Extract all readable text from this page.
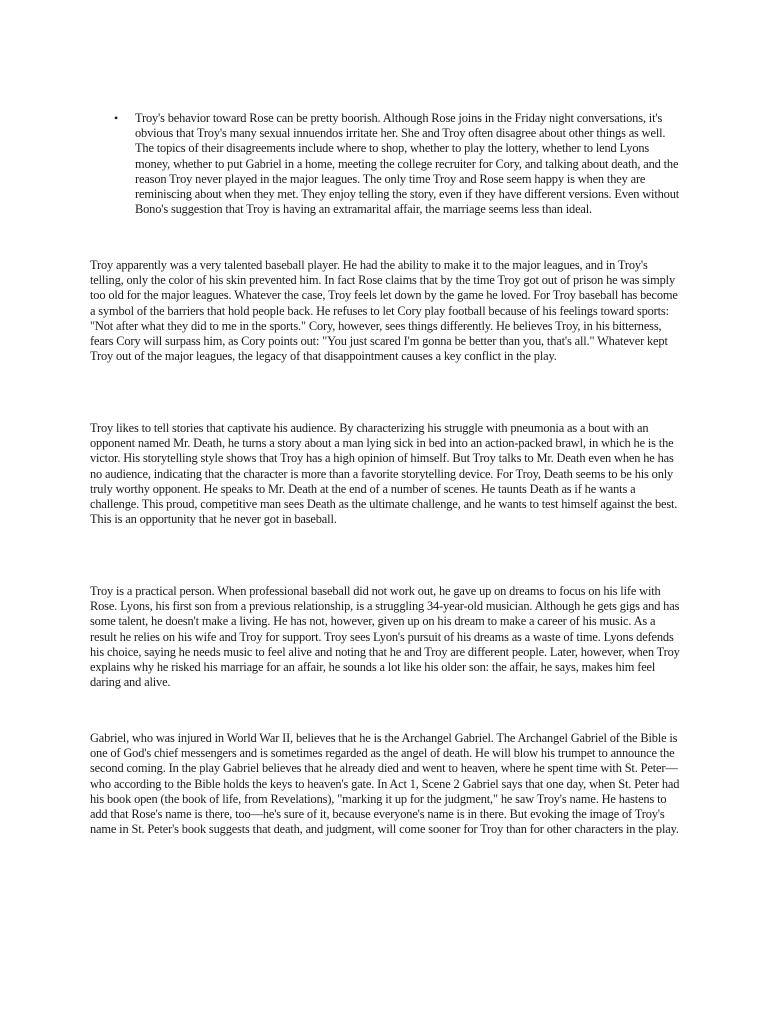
• Troy's behavior toward Rose can be pretty boorish. Although Rose joins in the Friday night conversations, it's obvious that Troy's many sexual innuendos irritate her. She and Troy often disagree about other things as well. The topics of their disagreements include where to shop, whether to play the lottery, whether to lend Lyons money, whether to put Gabriel in a home, meeting the college recruiter for Cory, and talking about death, and the reason Troy never played in the major leagues. The only time Troy and Rose seem happy is when they are reminiscing about when they met. They enjoy telling the story, even if they have different versions. Even without Bono's suggestion that Troy is having an extramarital affair, the marriage seems less than ideal.

Troy apparently was a very talented baseball player. He had the ability to make it to the major leagues, and in Troy's telling, only the color of his skin prevented him. In fact Rose claims that by the time Troy got out of prison he was simply too old for the major leagues. Whatever the case, Troy feels let down by the game he loved. For Troy baseball has become a symbol of the barriers that hold people back. He refuses to let Cory play football because of his feelings toward sports: "Not after what they did to me in the sports." Cory, however, sees things differently. He believes Troy, in his bitterness, fears Cory will surpass him, as Cory points out: "You just scared I'm gonna be better than you, that's all." Whatever kept Troy out of the major leagues, the legacy of that disappointment causes a key conflict in the play.

Troy likes to tell stories that captivate his audience. By characterizing his struggle with pneumonia as a bout with an opponent named Mr. Death, he turns a story about a man lying sick in bed into an action-packed brawl, in which he is the victor. His storytelling style shows that Troy has a high opinion of himself. But Troy talks to Mr. Death even when he has no audience, indicating that the character is more than a favorite storytelling device. For Troy, Death seems to be his only truly worthy opponent. He speaks to Mr. Death at the end of a number of scenes. He taunts Death as if he wants a challenge. This proud, competitive man sees Death as the ultimate challenge, and he wants to test himself against the best. This is an opportunity that he never got in baseball.

Troy is a practical person. When professional baseball did not work out, he gave up on dreams to focus on his life with Rose. Lyons, his first son from a previous relationship, is a struggling 34-year-old musician. Although he gets gigs and has some talent, he doesn't make a living. He has not, however, given up on his dream to make a career of his music. As a result he relies on his wife and Troy for support. Troy sees Lyon's pursuit of his dreams as a waste of time. Lyons defends his choice, saying he needs music to feel alive and noting that he and Troy are different people. Later, however, when Troy explains why he risked his marriage for an affair, he sounds a lot like his older son: the affair, he says, makes him feel daring and alive.

Gabriel, who was injured in World War II, believes that he is the Archangel Gabriel. The Archangel Gabriel of the Bible is one of God's chief messengers and is sometimes regarded as the angel of death. He will blow his trumpet to announce the second coming. In the play Gabriel believes that he already died and went to heaven, where he spent time with St. Peter—who according to the Bible holds the keys to heaven's gate. In Act 1, Scene 2 Gabriel says that one day, when St. Peter had his book open (the book of life, from Revelations), "marking it up for the judgment," he saw Troy's name. He hastens to add that Rose's name is there, too—he's sure of it, because everyone's name is in there. But evoking the image of Troy's name in St. Peter's book suggests that death, and judgment, will come sooner for Troy than for other characters in the play.
